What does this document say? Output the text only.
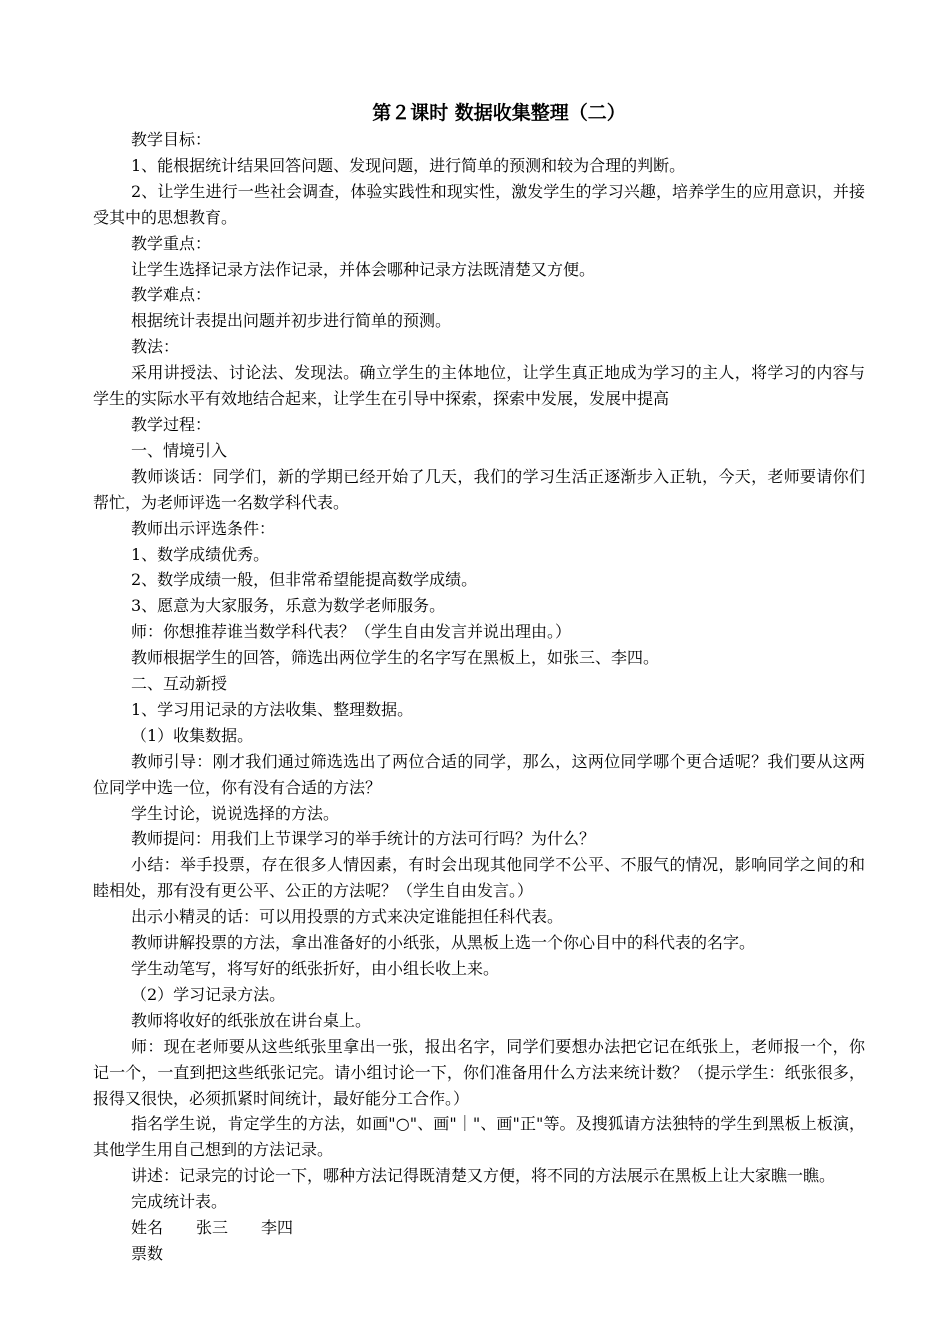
第２课时 数据收集整理（二）
教学目标：
1、能根据统计结果回答问题、发现问题，进行简单的预测和较为合理的判断。
2、让学生进行一些社会调查，体验实践性和现实性，激发学生的学习兴趣，培养学生的应用意识，并接受其中的思想教育。
教学重点：
让学生选择记录方法作记录，并体会哪种记录方法既清楚又方便。
教学难点：
根据统计表提出问题并初步进行简单的预测。
教法：
采用讲授法、讨论法、发现法。确立学生的主体地位，让学生真正地成为学习的主人，将学习的内容与学生的实际水平有效地结合起来，让学生在引导中探索，探索中发展，发展中提高
教学过程：
一、情境引入
教师谈话：同学们，新的学期已经开始了几天，我们的学习生活正逐渐步入正轨，今天，老师要请你们帮忙，为老师评选一名数学科代表。
教师出示评选条件：
1、数学成绩优秀。
2、数学成绩一般，但非常希望能提高数学成绩。
3、愿意为大家服务，乐意为数学老师服务。
师：你想推荐谁当数学科代表？（学生自由发言并说出理由。）
教师根据学生的回答，筛选出两位学生的名字写在黑板上，如张三、李四。
二、互动新授
1、学习用记录的方法收集、整理数据。
（1）收集数据。
教师引导：刚才我们通过筛选选出了两位合适的同学，那么，这两位同学哪个更合适呢？我们要从这两位同学中选一位，你有没有合适的方法？
学生讨论，说说选择的方法。
教师提问：用我们上节课学习的举手统计的方法可行吗？为什么？
小结：举手投票，存在很多人情因素，有时会出现其他同学不公平、不服气的情况，影响同学之间的和睦相处，那有没有更公平、公正的方法呢？（学生自由发言。）
出示小精灵的话：可以用投票的方式来决定谁能担任科代表。
教师讲解投票的方法，拿出准备好的小纸张，从黑板上选一个你心目中的科代表的名字。
学生动笔写，将写好的纸张折好，由小组长收上来。
（2）学习记录方法。
教师将收好的纸张放在讲台桌上。
师：现在老师要从这些纸张里拿出一张，报出名字，同学们要想办法把它记在纸张上，老师报一个，你记一个，一直到把这些纸张记完。请小组讨论一下，你们准备用什么方法来统计数？（提示学生：纸张很多，报得又很快，必须抓紧时间统计，最好能分工合作。）
指名学生说，肯定学生的方法，如画"○"、画"｜"、画"正"等。及搜狐请方法独特的学生到黑板上板演，其他学生用自己想到的方法记录。
讲述：记录完的讨论一下，哪种方法记得既清楚又方便，将不同的方法展示在黑板上让大家瞧一瞧。
完成统计表。
姓名 张三 李四
票数
